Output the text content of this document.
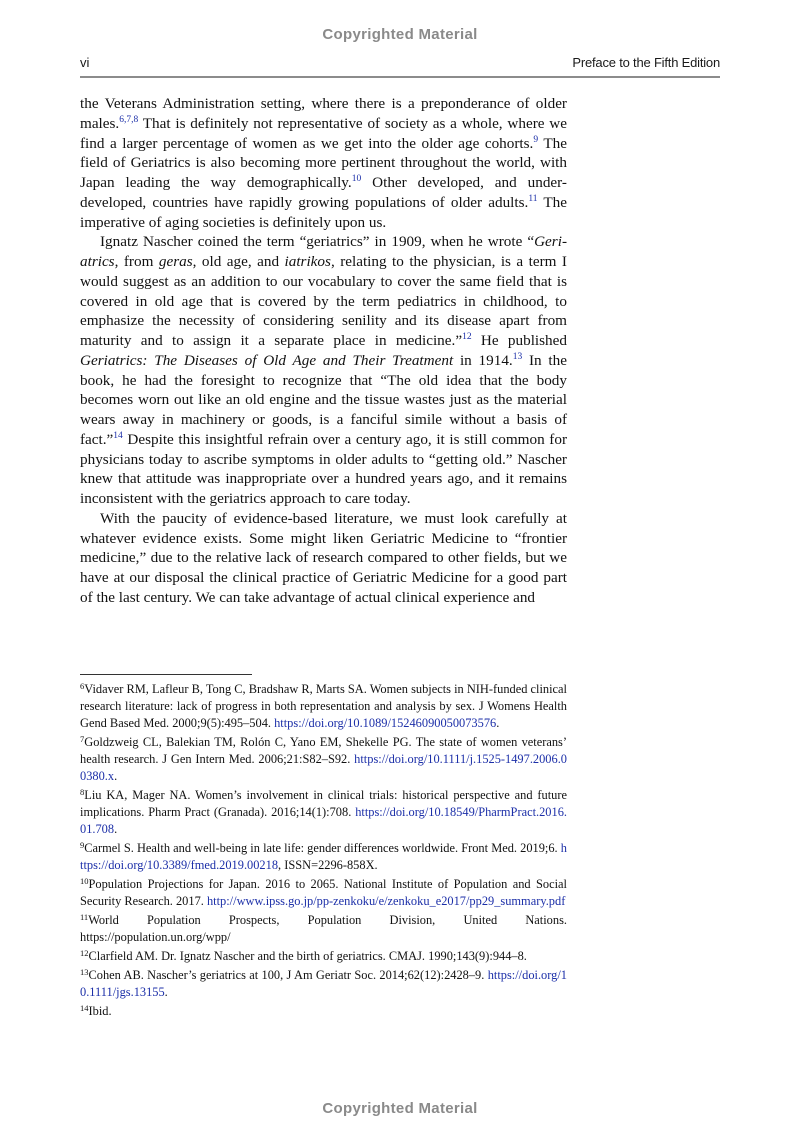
Copyrighted Material
vi	Preface to the Fifth Edition

the Veterans Administration setting, where there is a preponderance of older males.$^{6,7,8}$ That is definitely not representative of society as a whole, where we find a larger percentage of women as we get into the older age cohorts.$^9$ The field of Geriatrics is also becoming more pertinent throughout the world, with Japan leading the way demographically.$^{10}$ Other developed, and under-developed, countries have rapidly growing populations of older adults.$^{11}$ The imperative of aging societies is definitely upon us.

Ignatz Nascher coined the term “geriatrics” in 1909, when he wrote “Geriatrics, from geras, old age, and iatrikos, relating to the physician, is a term I would suggest as an addition to our vocabulary to cover the same field that is covered in old age that is covered by the term pediatrics in childhood, to emphasize the necessity of considering senility and its disease apart from maturity and to assign it a separate place in medicine.”$^{12}$ He published Geriatrics: The Diseases of Old Age and Their Treatment in 1914.13 In the book, he had the foresight to recognize that “The old idea that the body becomes worn out like an old engine and the tissue wastes just as the material wears away in machinery or goods, is a fanciful simile without a basis of fact.”$^{14}$ Despite this insightful refrain over a century ago, it is still common for physicians today to ascribe symptoms in older adults to “getting old.” Nascher knew that attitude was inappropriate over a hundred years ago, and it remains inconsistent with the geriatrics approach to care today.

With the paucity of evidence-based literature, we must look carefully at whatever evidence exists. Some might liken Geriatric Medicine to “frontier medicine,” due to the relative lack of research compared to other fields, but we have at our disposal the clinical practice of Geriatric Medicine for a good part of the last century. We can take advantage of actual clinical experience and

$^6$Vidaver RM, Lafleur B, Tong C, Bradshaw R, Marts SA. Women subjects in NIH-funded clinical research literature: lack of progress in both representation and analysis by sex. J Womens Health Gend Based Med. 2000;9(5):495–504. https://doi.org/10.1089/15246090050073576.

$^7$Goldzweig CL, Balekian TM, Rolón C, Yano EM, Shekelle PG. The state of women veterans’ health research. J Gen Intern Med. 2006;21:S82–S92. https://doi.org/10.1111/j.1525-1497.2006.00380.x.

$^8$Liu KA, Mager NA. Women’s involvement in clinical trials: historical perspective and future implications. Pharm Pract (Granada). 2016;14(1):708. https://doi.org/10.18549/PharmPract.2016.01.708.

$^9$Carmel S. Health and well-being in late life: gender differences worldwide. Front Med. 2019;6. https://doi.org/10.3389/fmed.2019.00218, ISSN=2296-858X.

$^{10}$Population Projections for Japan. 2016 to 2065. National Institute of Population and Social Security Research. 2017. http://www.ipss.go.jp/pp-zenkoku/e/zenkoku_e2017/pp29_summary.pdf

$^{11}$World Population Prospects, Population Division, United Nations. https://population.un.org/wpp/

$^{12}$Clarfield AM. Dr. Ignatz Nascher and the birth of geriatrics. CMAJ. 1990;143(9):944–8.

$^{13}$Cohen AB. Nascher’s geriatrics at 100, J Am Geriatr Soc. 2014;62(12):2428–9. https://doi.org/10.1111/jgs.13155.

$^{14}$Ibid.

Copyrighted Material
